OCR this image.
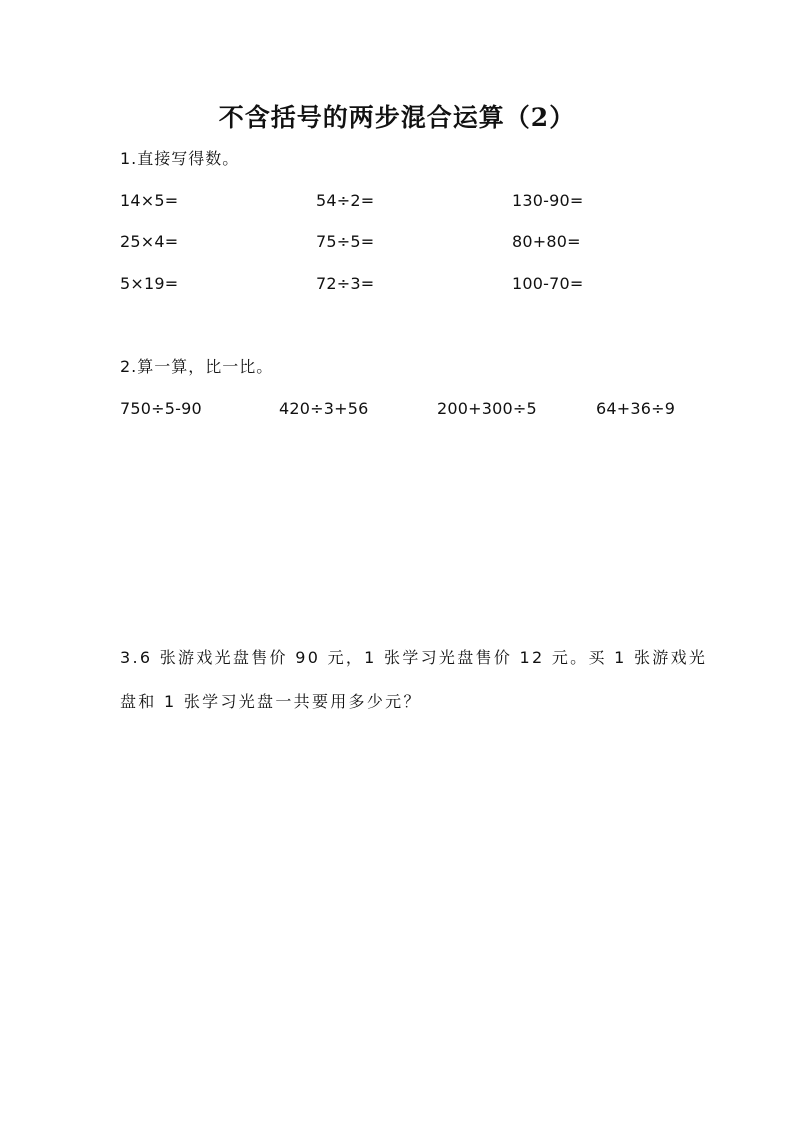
不含括号的两步混合运算（2）
1.直接写得数。
14×5=	54÷2=	130-90=
25×4=	75÷5=	80+80=
5×19=	72÷3=	100-70=
2.算一算，比一比。
750÷5-90	420÷3+56	200+300÷5	64+36÷9
3.6 张游戏光盘售价 90 元，1 张学习光盘售价 12 元。买 1 张游戏光
盘和 1 张学习光盘一共要用多少元？
